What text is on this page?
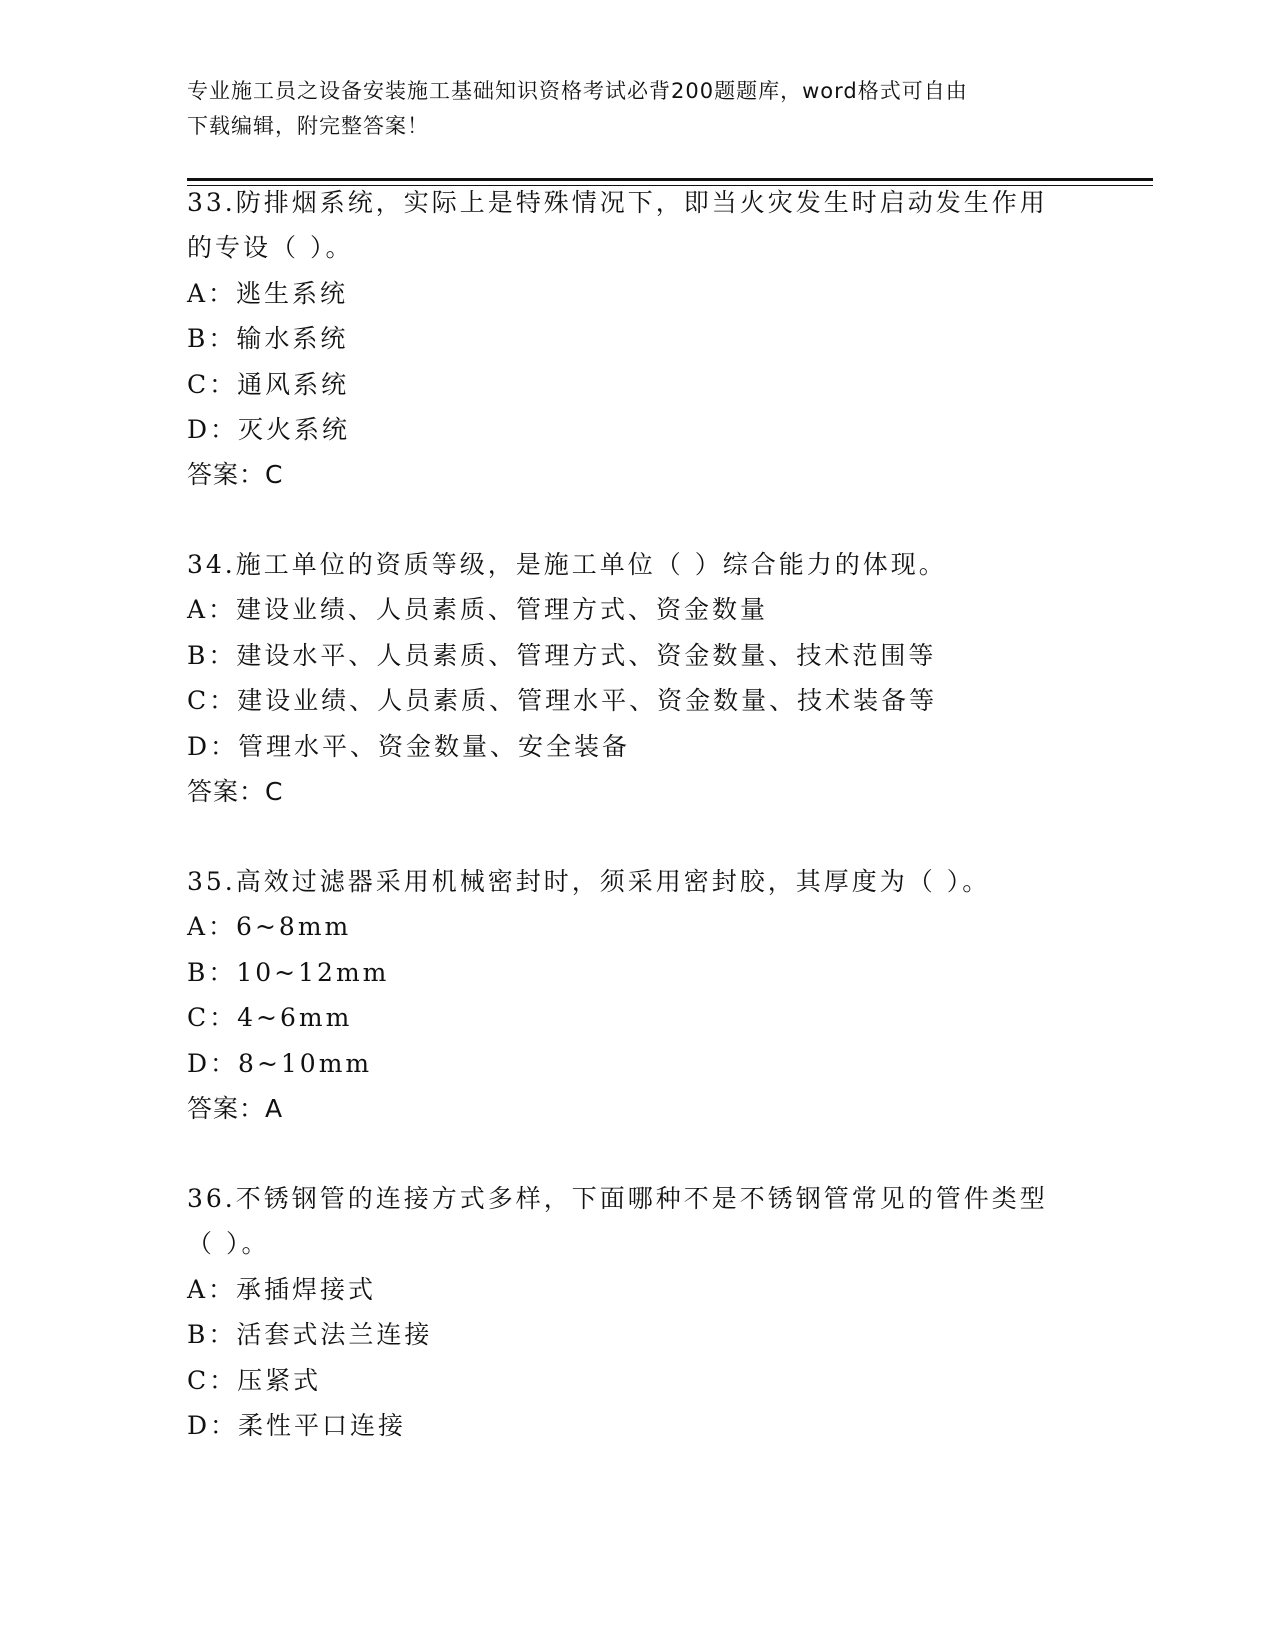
专业施工员之设备安装施工基础知识资格考试必背200题题库，word格式可自由
下载编辑，附完整答案！
33.防排烟系统，实际上是特殊情况下，即当火灾发生时启动发生作用
的专设（ ）。
A：逃生系统
B：输水系统
C：通风系统
D：灭火系统
答案：C
34.施工单位的资质等级，是施工单位（ ）综合能力的体现。
A：建设业绩、人员素质、管理方式、资金数量
B：建设水平、人员素质、管理方式、资金数量、技术范围等
C：建设业绩、人员素质、管理水平、资金数量、技术装备等
D：管理水平、资金数量、安全装备
答案：C
35.高效过滤器采用机械密封时，须采用密封胶，其厚度为（ ）。
A：6~8mm
B：10~12mm
C：4~6mm
D：8~10mm
答案：A
36.不锈钢管的连接方式多样，下面哪种不是不锈钢管常见的管件类型
（ ）。
A：承插焊接式
B：活套式法兰连接
C：压紧式
D：柔性平口连接
